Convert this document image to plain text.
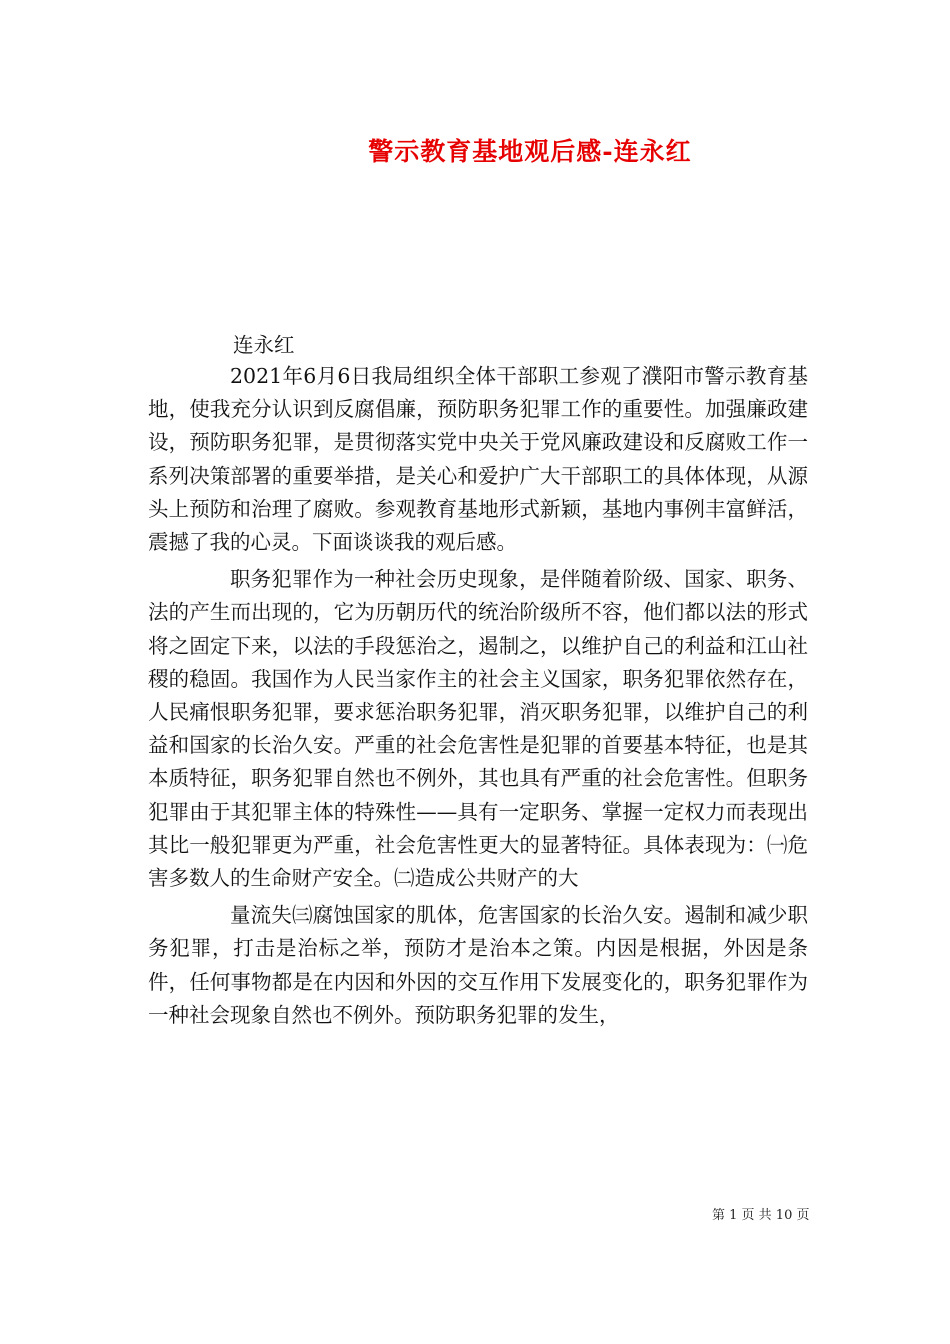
警示教育基地观后感-连永红

连永红

2021年6月6日我局组织全体干部职工参观了濮阳市警示教育基地，使我充分认识到反腐倡廉，预防职务犯罪工作的重要性。加强廉政建设，预防职务犯罪，是贯彻落实党中央关于党风廉政建设和反腐败工作一系列决策部署的重要举措，是关心和爱护广大干部职工的具体体现，从源头上预防和治理了腐败。参观教育基地形式新颖，基地内事例丰富鲜活，震撼了我的心灵。下面谈谈我的观后感。

职务犯罪作为一种社会历史现象，是伴随着阶级、国家、职务、法的产生而出现的，它为历朝历代的统治阶级所不容，他们都以法的形式将之固定下来，以法的手段惩治之，遏制之，以维护自己的利益和江山社稷的稳固。我国作为人民当家作主的社会主义国家，职务犯罪依然存在，人民痛恨职务犯罪，要求惩治职务犯罪，消灭职务犯罪，以维护自己的利益和国家的长治久安。严重的社会危害性是犯罪的首要基本特征，也是其本质特征，职务犯罪自然也不例外，其也具有严重的社会危害性。但职务犯罪由于其犯罪主体的特殊性——具有一定职务、掌握一定权力而表现出其比一般犯罪更为严重，社会危害性更大的显著特征。具体表现为：㈠危害多数人的生命财产安全。㈡造成公共财产的大

量流失㈢腐蚀国家的肌体，危害国家的长治久安。遏制和减少职务犯罪，打击是治标之举，预防才是治本之策。内因是根据，外因是条件，任何事物都是在内因和外因的交互作用下发展变化的，职务犯罪作为一种社会现象自然也不例外。预防职务犯罪的发生，

第 1 页 共 10 页
